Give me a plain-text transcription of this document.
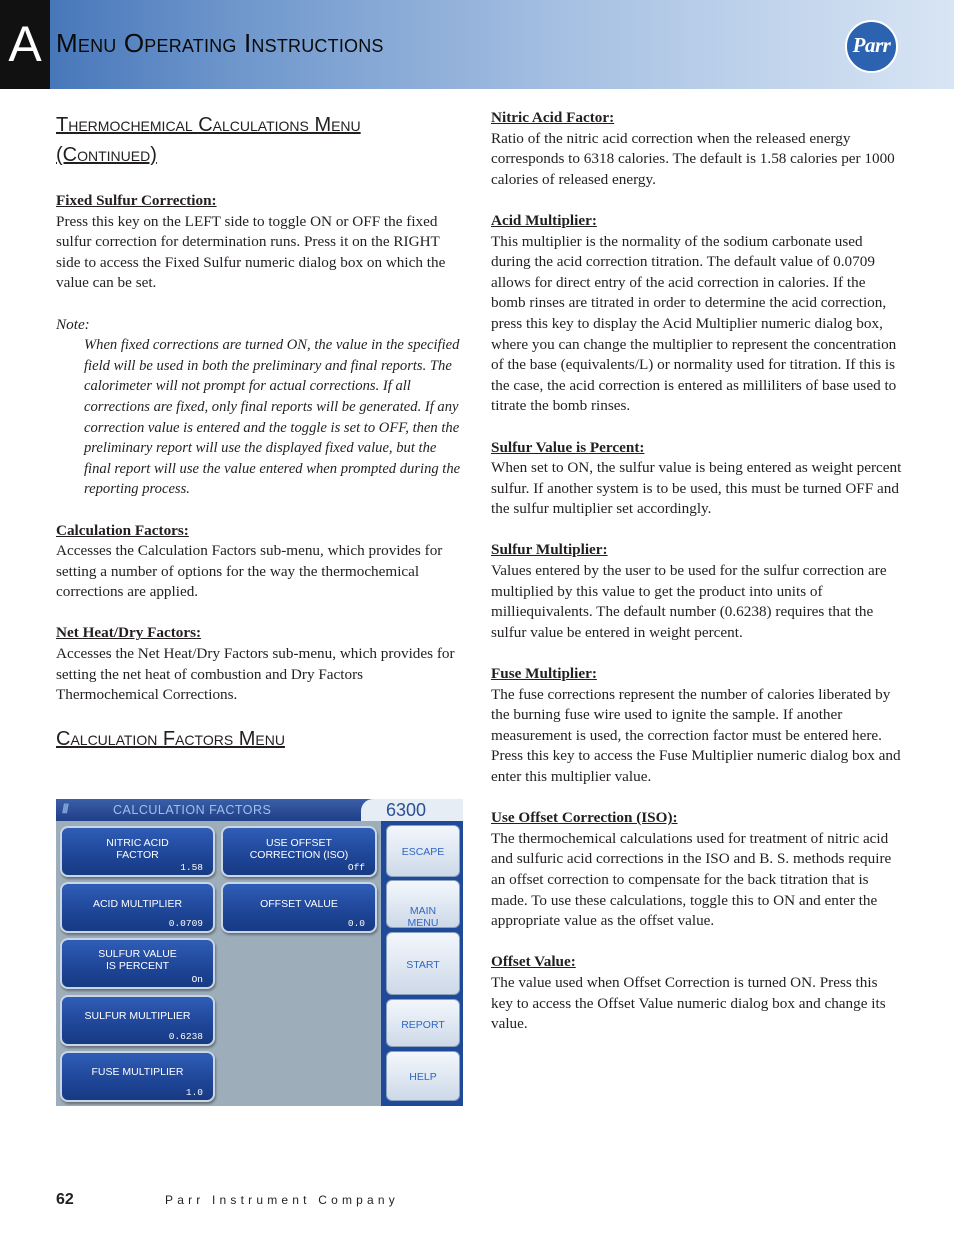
A Menu Operating Instructions	Parr
Thermochemical Calculations Menu
(Continued)
Fixed Sulfur Correction:
Press this key on the LEFT side to toggle ON or OFF the fixed sulfur correction for determination runs. Press it on the RIGHT side to access the Fixed Sulfur numeric dialog box on which the value can be set.
Note:
When fixed corrections are turned ON, the value in the specified field will be used in both the preliminary and final reports. The calorimeter will not prompt for actual corrections. If all corrections are fixed, only final reports will be generated. If any correction value is entered and the toggle is set to OFF, then the preliminary report will use the displayed fixed value, but the final report will use the value entered when prompted during the reporting process.
Calculation Factors:
Accesses the Calculation Factors sub-menu, which provides for setting a number of options for the way the thermochemical corrections are applied.
Net Heat/Dry Factors:
Accesses the Net Heat/Dry Factors sub-menu, which provides for setting the net heat of combustion and Dry Factors Thermochemical Corrections.
Calculation Factors Menu
///	CALCULATION FACTORS	6300
NITRIC ACID
FACTOR
1.58
ACID MULTIPLIER
0.0709
SULFUR VALUE
IS PERCENT
On
SULFUR MULTIPLIER
0.6238
FUSE MULTIPLIER
1.0
USE OFFSET
CORRECTION (ISO)
Off
OFFSET VALUE
0.0
ESCAPE

MAIN
MENU

START
REPORT
HELP
Nitric Acid Factor:
Ratio of the nitric acid correction when the released energy corresponds to 6318 calories. The default is 1.58 calories per 1000 calories of released energy.
Acid Multiplier:
This multiplier is the normality of the sodium carbonate used during the acid correction titration. The default value of 0.0709 allows for direct entry of the acid correction in calories. If the bomb rinses are titrated in order to determine the acid correction, press this key to display the Acid Multiplier numeric dialog box, where you can change the multiplier to represent the concentration of the base (equivalents/L) or normality used for titration. If this is the case, the acid correction is entered as milliliters of base used to titrate the bomb rinses.
Sulfur Value is Percent:
When set to ON, the sulfur value is being entered as weight percent sulfur. If another system is to be used, this must be turned OFF and the sulfur multiplier set accordingly.
Sulfur Multiplier:
Values entered by the user to be used for the sulfur correction are multiplied by this value to get the product into units of milliequivalents. The default number (0.6238) requires that the sulfur value be entered in weight percent.
Fuse Multiplier:
The fuse corrections represent the number of calories liberated by the burning fuse wire used to ignite the sample. If another measurement is used, the correction factor must be entered here. Press this key to access the Fuse Multiplier numeric dialog box and enter this multiplier value.
Use Offset Correction (ISO):
The thermochemical calculations used for treatment of nitric acid and sulfuric acid corrections in the ISO and B. S. methods require an offset correction to compensate for the back titration that is made. To use these calculations, toggle this to ON and enter the appropriate value as the offset value.
Offset Value:
The value used when Offset Correction is turned ON. Press this key to access the Offset Value numeric dialog box and change its value.
62	Parr Instrument Company
